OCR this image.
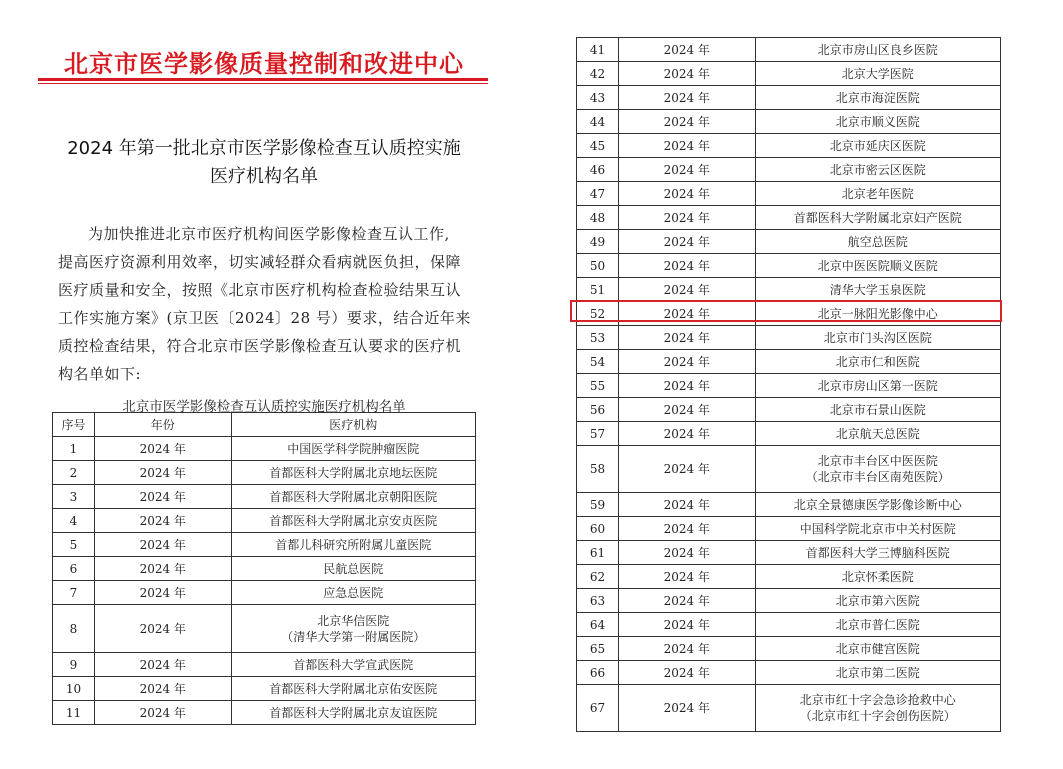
北京市医学影像质量控制和改进中心
2024 年第一批北京市医学影像检查互认质控实施
医疗机构名单
为加快推进北京市医疗机构间医学影像检查互认工作,
提高医疗资源利用效率，切实减轻群众看病就医负担，保障
医疗质量和安全，按照《北京市医疗机构检查检验结果互认
工作实施方案》(京卫医〔2024〕28 号）要求，结合近年来
质控检查结果，符合北京市医学影像检查互认要求的医疗机
构名单如下:
北京市医学影像检查互认质控实施医疗机构名单
序号	年份	医疗机构
1	2024 年	中国医学科学院肿瘤医院
2	2024 年	首都医科大学附属北京地坛医院
3	2024 年	首都医科大学附属北京朝阳医院
4	2024 年	首都医科大学附属北京安贞医院
5	2024 年	首都儿科研究所附属儿童医院
6	2024 年	民航总医院
7	2024 年	应急总医院
8	2024 年	北京华信医院
（清华大学第一附属医院）

9	2024 年	首都医科大学宣武医院
10	2024 年	首都医科大学附属北京佑安医院
11	2024 年	首都医科大学附属北京友谊医院
41	2024 年	北京市房山区良乡医院
42	2024 年	北京大学医院
43	2024 年	北京市海淀医院
44	2024 年	北京市顺义医院
45	2024 年	北京市延庆区医院
46	2024 年	北京市密云区医院
47	2024 年	北京老年医院
48	2024 年	首都医科大学附属北京妇产医院
49	2024 年	航空总医院
50	2024 年	北京中医医院顺义医院
51	2024 年	清华大学玉泉医院
52	2024 年	北京一脉阳光影像中心
53	2024 年	北京市门头沟区医院
54	2024 年	北京市仁和医院
55	2024 年	北京市房山区第一医院
56	2024 年	北京市石景山医院
57	2024 年	北京航天总医院
58	2024 年	北京市丰台区中医医院
（北京市丰台区南苑医院）

59	2024 年	北京全景德康医学影像诊断中心
60	2024 年	中国科学院北京市中关村医院
61	2024 年	首都医科大学三博脑科医院
62	2024 年	北京怀柔医院
63	2024 年	北京市第六医院
64	2024 年	北京市普仁医院
65	2024 年	北京市健宫医院
66	2024 年	北京市第二医院
67	2024 年	北京市红十字会急诊抢救中心
（北京市红十字会创伤医院）
